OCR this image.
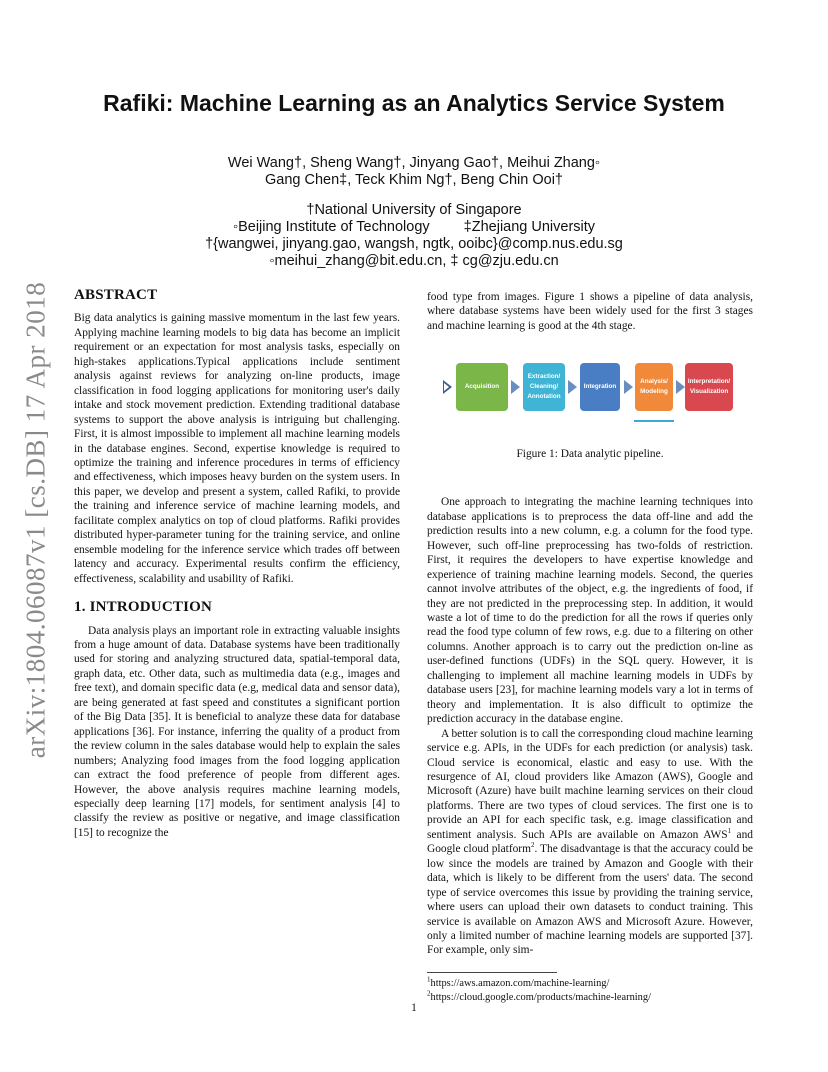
arXiv:1804.06087v1 [cs.DB] 17 Apr 2018
Rafiki: Machine Learning as an Analytics Service System
Wei Wang†, Sheng Wang†, Jinyang Gao†, Meihui Zhang◦
Gang Chen‡, Teck Khim Ng†, Beng Chin Ooi†
†National University of Singapore
◦Beijing Institute of Technology ‡Zhejiang University
†{wangwei, jinyang.gao, wangsh, ngtk, ooibc}@comp.nus.edu.sg
◦meihui_zhang@bit.edu.cn, ‡ cg@zju.edu.cn
ABSTRACT

Big data analytics is gaining massive momentum in the last few years. Applying machine learning models to big data has become an implicit requirement or an expectation for most analysis tasks, especially on high-stakes applications.Typical applications include sentiment analysis against reviews for analyzing on-line products, image classification in food logging applications for monitoring user's daily intake and stock movement prediction. Extending traditional database systems to support the above analysis is intriguing but challenging. First, it is almost impossible to implement all machine learning models in the database engines. Second, expertise knowledge is required to optimize the training and inference procedures in terms of efficiency and effectiveness, which imposes heavy burden on the system users. In this paper, we develop and present a system, called Rafiki, to provide the training and inference service of machine learning models, and facilitate complex analytics on top of cloud platforms. Rafiki provides distributed hyper-parameter tuning for the training service, and online ensemble modeling for the inference service which trades off between latency and accuracy. Experimental results confirm the efficiency, effectiveness, scalability and usability of Rafiki.

1. INTRODUCTION

Data analysis plays an important role in extracting valuable insights from a huge amount of data. Database systems have been traditionally used for storing and analyzing structured data, spatial-temporal data, graph data, etc. Other data, such as multimedia data (e.g., images and free text), and domain specific data (e.g, medical data and sensor data), are being generated at fast speed and constitutes a significant portion of the Big Data [35]. It is beneficial to analyze these data for database applications [36]. For instance, inferring the quality of a product from the review column in the sales database would help to explain the sales numbers; Analyzing food images from the food logging application can extract the food preference of people from different ages. However, the above analysis requires machine learning models, especially deep learning [17] models, for sentiment analysis [4] to classify the review as positive or negative, and image classification [15] to recognize the

food type from images. Figure 1 shows a pipeline of data analysis, where database systems have been widely used for the first 3 stages and machine learning is good at the 4th stage.

Acquisition
Extraction/
Cleaning/
Annotation
Integration
Analysis/
Modeling
Interpretation/
Visualization
Figure 1: Data analytic pipeline.

One approach to integrating the machine learning techniques into database applications is to preprocess the data off-line and add the prediction results into a new column, e.g. a column for the food type. However, such off-line preprocessing has two-folds of restriction. First, it requires the developers to have expertise knowledge and experience of training machine learning models. Second, the queries cannot involve attributes of the object, e.g. the ingredients of food, if they are not predicted in the preprocessing step. In addition, it would waste a lot of time to do the prediction for all the rows if queries only read the food type column of few rows, e.g. due to a filtering on other columns. Another approach is to carry out the prediction on-line as user-defined functions (UDFs) in the SQL query. However, it is challenging to implement all machine learning models in UDFs by database users [23], for machine learning models vary a lot in terms of theory and implementation. It is also difficult to optimize the prediction accuracy in the database engine.

A better solution is to call the corresponding cloud machine learning service e.g. APIs, in the UDFs for each prediction (or analysis) task. Cloud service is economical, elastic and easy to use. With the resurgence of AI, cloud providers like Amazon (AWS), Google and Microsoft (Azure) have built machine learning services on their cloud platforms. There are two types of cloud services. The first one is to provide an API for each specific task, e.g. image classification and sentiment analysis. Such APIs are available on Amazon AWS$^1$ and Google cloud platform$^2$. The disadvantage is that the accuracy could be low since the models are trained by Amazon and Google with their data, which is likely to be different from the users' data. The second type of service overcomes this issue by providing the training service, where users can upload their own datasets to conduct training. This service is available on Amazon AWS and Microsoft Azure. However, only a limited number of machine learning models are supported [37]. For example, only sim-

$^1$https://aws.amazon.com/machine-learning/
$^2$https://cloud.google.com/products/machine-learning/
1
